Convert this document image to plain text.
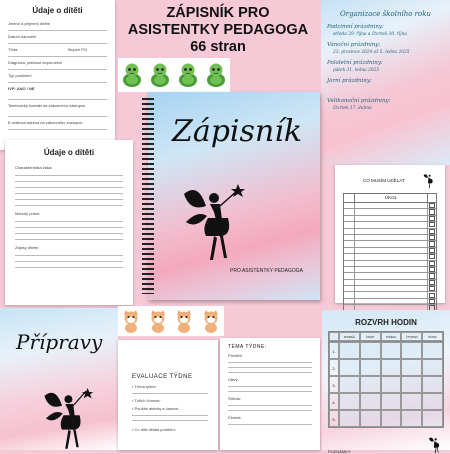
Údaje o dítěti
Jméno a příjmení dítěte
Datum narození
Třída	Stupeň PO
Diagnóza, platnost doporučení
Typ postižení
IVP: ANO / NE
Telefonický kontakt na zákonného zástupce
E-mailová adresa na zákonného zástupce
ZÁPISNÍK PRO
ASISTENTKY PEDAGOGA
66 stran
Organizace školního roku
Podzimní prázdniny:
středa 29. října a čtvrtek 30. října
Vánoční prázdniny:
23. prosince 2024 až 5. ledna 2025
Pololetní prázdniny:
pátek 31. ledna 2025
Jarní prázdniny:
Velikonoční prázdniny:
čtvrtek 17. dubna
Údaje o dítěti
Charakteristika žáka:
Metody práce:
Zápisy dítěte:
Zápisník
PRO ASISTENTKY PEDAGOGA
CO MUSÍM UDĚLAT
ÚKOL
Přípravy
EVALUACE TÝDNE
• Téma týdne:
• Tvůrčí činnost:
• Použité aktivity a časové...
• Co dítě dělala problém:
TÉMA TÝDNE:
Pondělí:
Úterý:
Středa:
Čtvrtek:
ROZVRH HODIN
PONDĚLÍ	ÚTERÝ	STŘEDA	ČTVRTEK	PÁTEK
1.
2.
3.
4.
5.
POZNÁMKY:
